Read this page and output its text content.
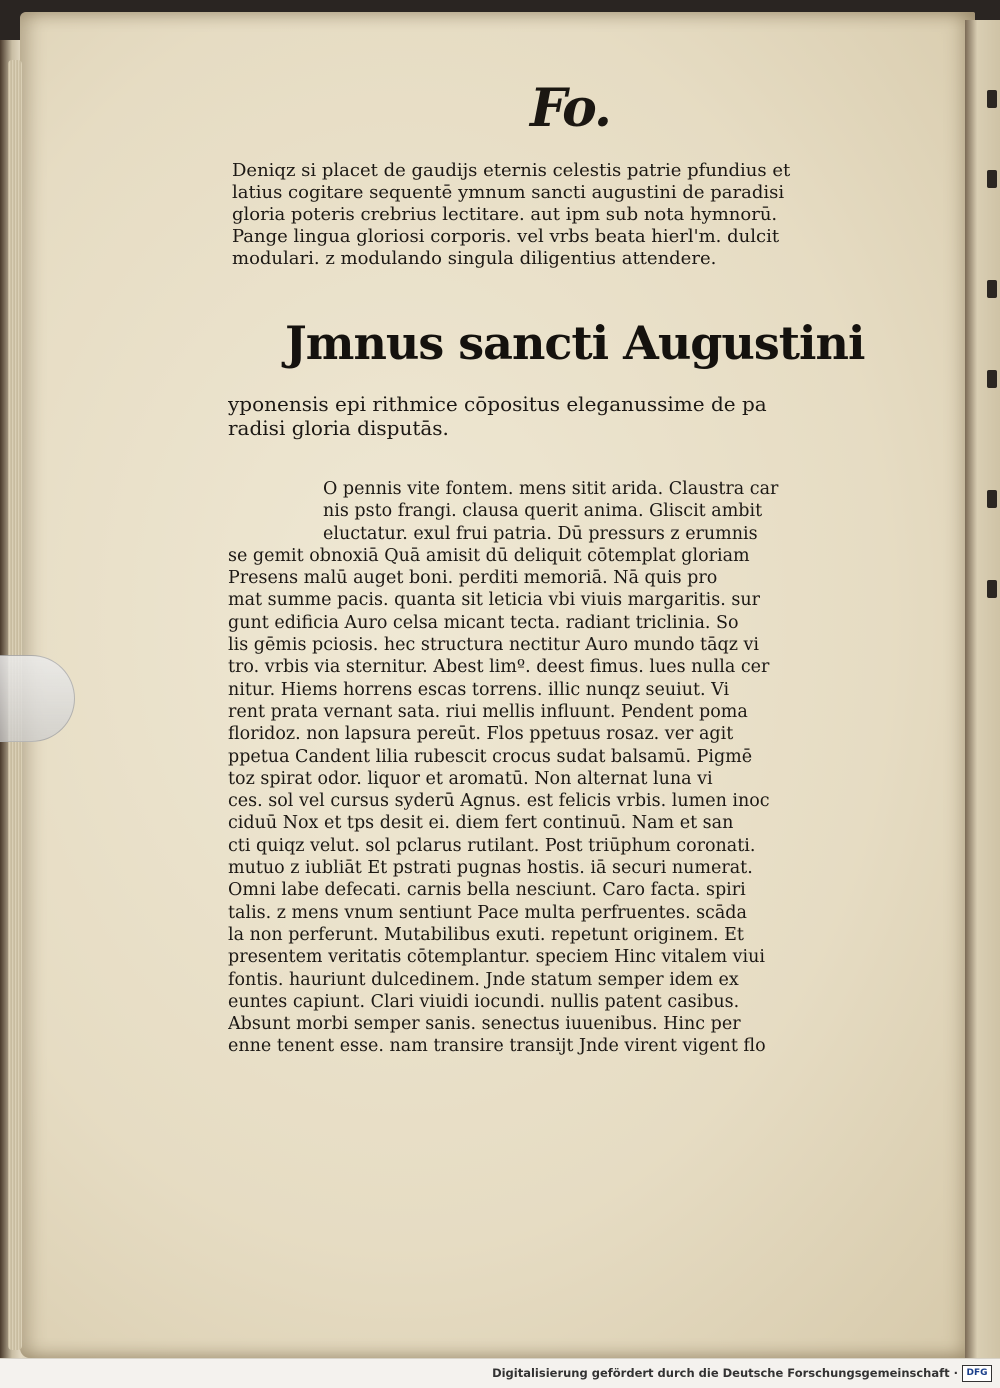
Fo.
Deniqz si placet de gaudijs eternis celestis patrie pfundius et
latius cogitare sequentē ymnum sancti augustini de paradisi
gloria poteris crebrius lectitare. aut ipm sub nota hymnorū.
Pange lingua gloriosi corporis. vel vrbs beata hierl'm. dulcit
modulari. z modulando singula diligentius attendere.
Jmnus sancti Augustini
yponensis epi rithmice cōpositus eleganussime de pa
radisi gloria disputās.
O pennis vite fontem. mens sitit arida. Claustra car
nis psto frangi. clausa querit anima. Gliscit ambit
eluctatur. exul frui patria. Dū pressurs z erumnis
se gemit obnoxiā Quā amisit dū deliquit cōtemplat gloriam
Presens malū auget boni. perditi memoriā. Nā quis pro
mat summe pacis. quanta sit leticia vbi viuis margaritis. sur
gunt edificia Auro celsa micant tecta. radiant triclinia. So
lis gēmis pciosis. hec structura nectitur Auro mundo tāqz vi
tro. vrbis via sternitur. Abest limº. deest fimus. lues nulla cer
nitur. Hiems horrens escas torrens. illic nunqz seuiut. Vi
rent prata vernant sata. riui mellis influunt. Pendent poma
floridoz. non lapsura pereūt. Flos ppetuus rosaz. ver agit
ppetua Candent lilia rubescit crocus sudat balsamū. Pigmē
toz spirat odor. liquor et aromatū. Non alternat luna vi
ces. sol vel cursus syderū Agnus. est felicis vrbis. lumen inoc
ciduū Nox et tps desit ei. diem fert continuū. Nam et san
cti quiqz velut. sol pclarus rutilant. Post triūphum coronati.
mutuo z iubliāt Et pstrati pugnas hostis. iā securi numerat.
Omni labe defecati. carnis bella nesciunt. Caro facta. spiri
talis. z mens vnum sentiunt Pace multa perfruentes. scāda
la non perferunt. Mutabilibus exuti. repetunt originem. Et
presentem veritatis cōtemplantur. speciem Hinc vitalem viui
fontis. hauriunt dulcedinem. Jnde statum semper idem ex
euntes capiunt. Clari viuidi iocundi. nullis patent casibus.
Absunt morbi semper sanis. senectus iuuenibus. Hinc per
enne tenent esse. nam transire transijt Jnde virent vigent flo
Digitalisierung gefördert durch die Deutsche Forschungsgemeinschaft · DFG
